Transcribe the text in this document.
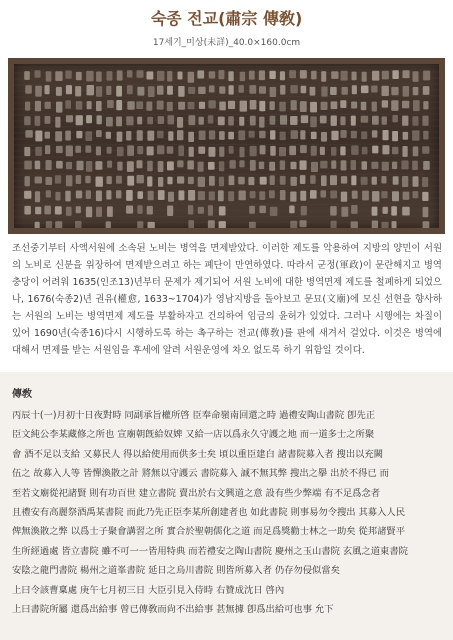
숙종 전교(肅宗 傳敎)
17세기_미상(未詳)_40.0×160.0cm
조선중기부터 사액서원에 소속된 노비는 병역을 면제받았다. 이러한 제도를 악용하여 지방의 양민이 서원의 노비로 신분을 위장하여 면제받으려고 하는 폐단이 만연하였다. 따라서 군정(軍政)이 문란해지고 병역충당이 어려워 1635(인조13)년부터 문제가 제기되어 서원 노비에 대한 병역면제 제도를 철폐하게 되었으나, 1676(숙종2)년 권유(權愈, 1633~1704)가 영남지방을 돌아보고 문묘(文廟)에 모신 선현을 향사하는 서원의 노비는 병역면제 제도를 부활하자고 건의하여 임금의 윤허가 있었다. 그러나 시행에는 차질이 있어 1690년(숙종16)다시 시행하도록 하는 촉구하는 전교(傳敎)를 판에 새겨서 걸었다. 이것은 병역에 대해서 면제를 받는 서원임을 후세에 알려 서원운영에 차오 없도록 하기 위함일 것이다.
傳敎
丙辰十(一)月初十日夜對時 同副承旨權所啓 臣奉命嶺南回還之時 過禮安陶山書院 卽先正
臣文純公李某藏修之所也 宣廟朝旣給奴婢 又給一店以爲永久守護之地 而一道多士之所聚
會 酒不足以支給 又募民人 得以給使用而供多士矣 頃以重臣建白 諸書院募入者 搜出以充闕
伍之 故募入人等 皆憚渙散之計 將無以守護云 書院募入 誠不無其弊 搜出之擧 出於不得已 而
至若文廟從祀諸賢 則有功百世 建立書院 賣出於右文興道之意 設有些少弊端 有不足爲念者
且禮安有高麗祭酒禹某書院 而此乃先正臣李某所創建者也 如此書院 則事易勿令搜出 其募入人民
俾無渙散之弊 以爲士子聚會講習之所 實合於聖朝儒化之道 而足爲獎勸士林之一助矣 從邦諸賢平
生所經過處 皆立書院 雖不可一一皆用特典 而若禮安之陶山書院 慶州之玉山書院 玄風之道東書院
安陰之龍門書院 楊州之道峯書院 延日之烏川書院 則皆所募入者 仍存勿侵似當矣
上曰令該曹稟處 庚午七月初三日 大臣引見入侍時 右贊成沈日 啓內
上曰書院所屬 還爲出給事 曾已傳敎而尙不出給事 甚無據 卽爲出給可也事 允下
